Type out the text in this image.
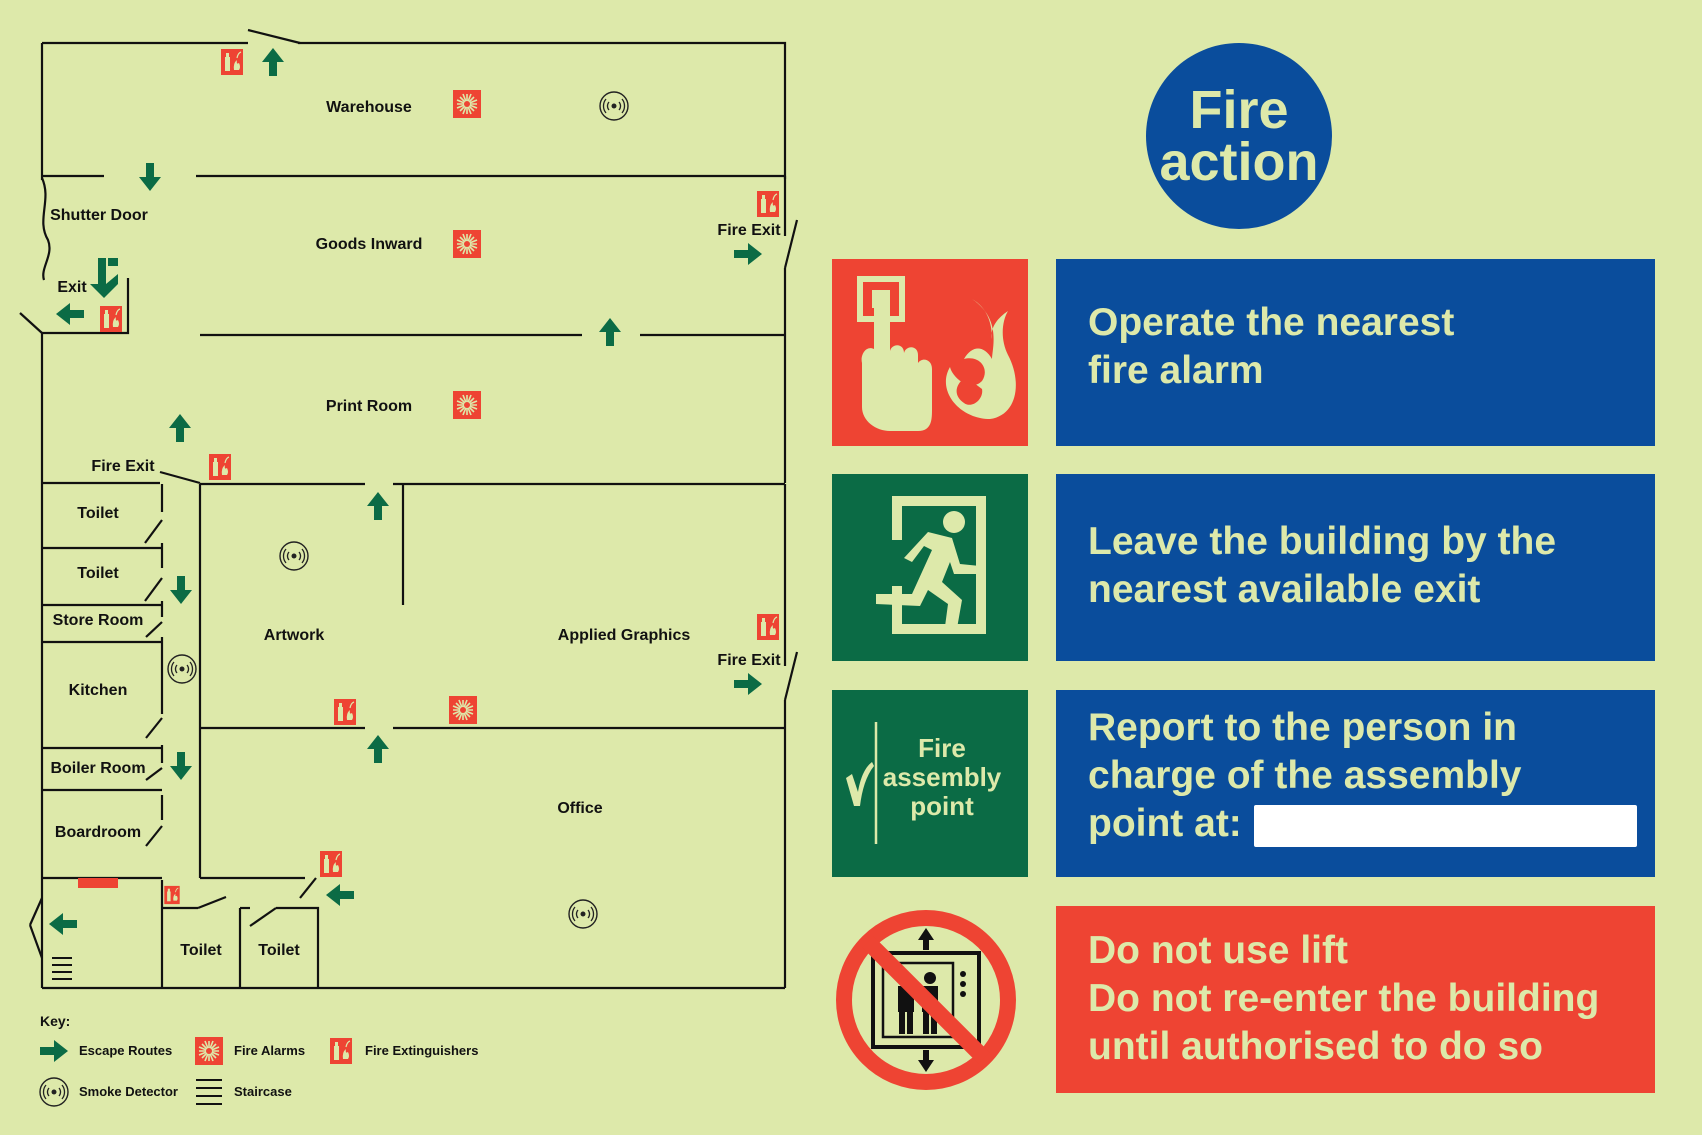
Warehouse
Shutter Door
Goods Inward
Exit
Fire Exit
Print Room
Fire Exit
Toilet
Toilet
Store Room
Kitchen
Boiler Room
Boardroom
Artwork	Applied Graphics
Fire Exit
Office
Toilet Toilet
Key:
Escape Routes	Fire Alarms	Fire Extinguishers
Smoke Detector	Staircase
Fire
action
Operate the nearest
fire alarm
Leave the building by the
nearest available exit
Fire
assembly
point
Report to the person in
charge of the assembly
point at:
Do not use lift
Do not re-enter the building
until authorised to do so
